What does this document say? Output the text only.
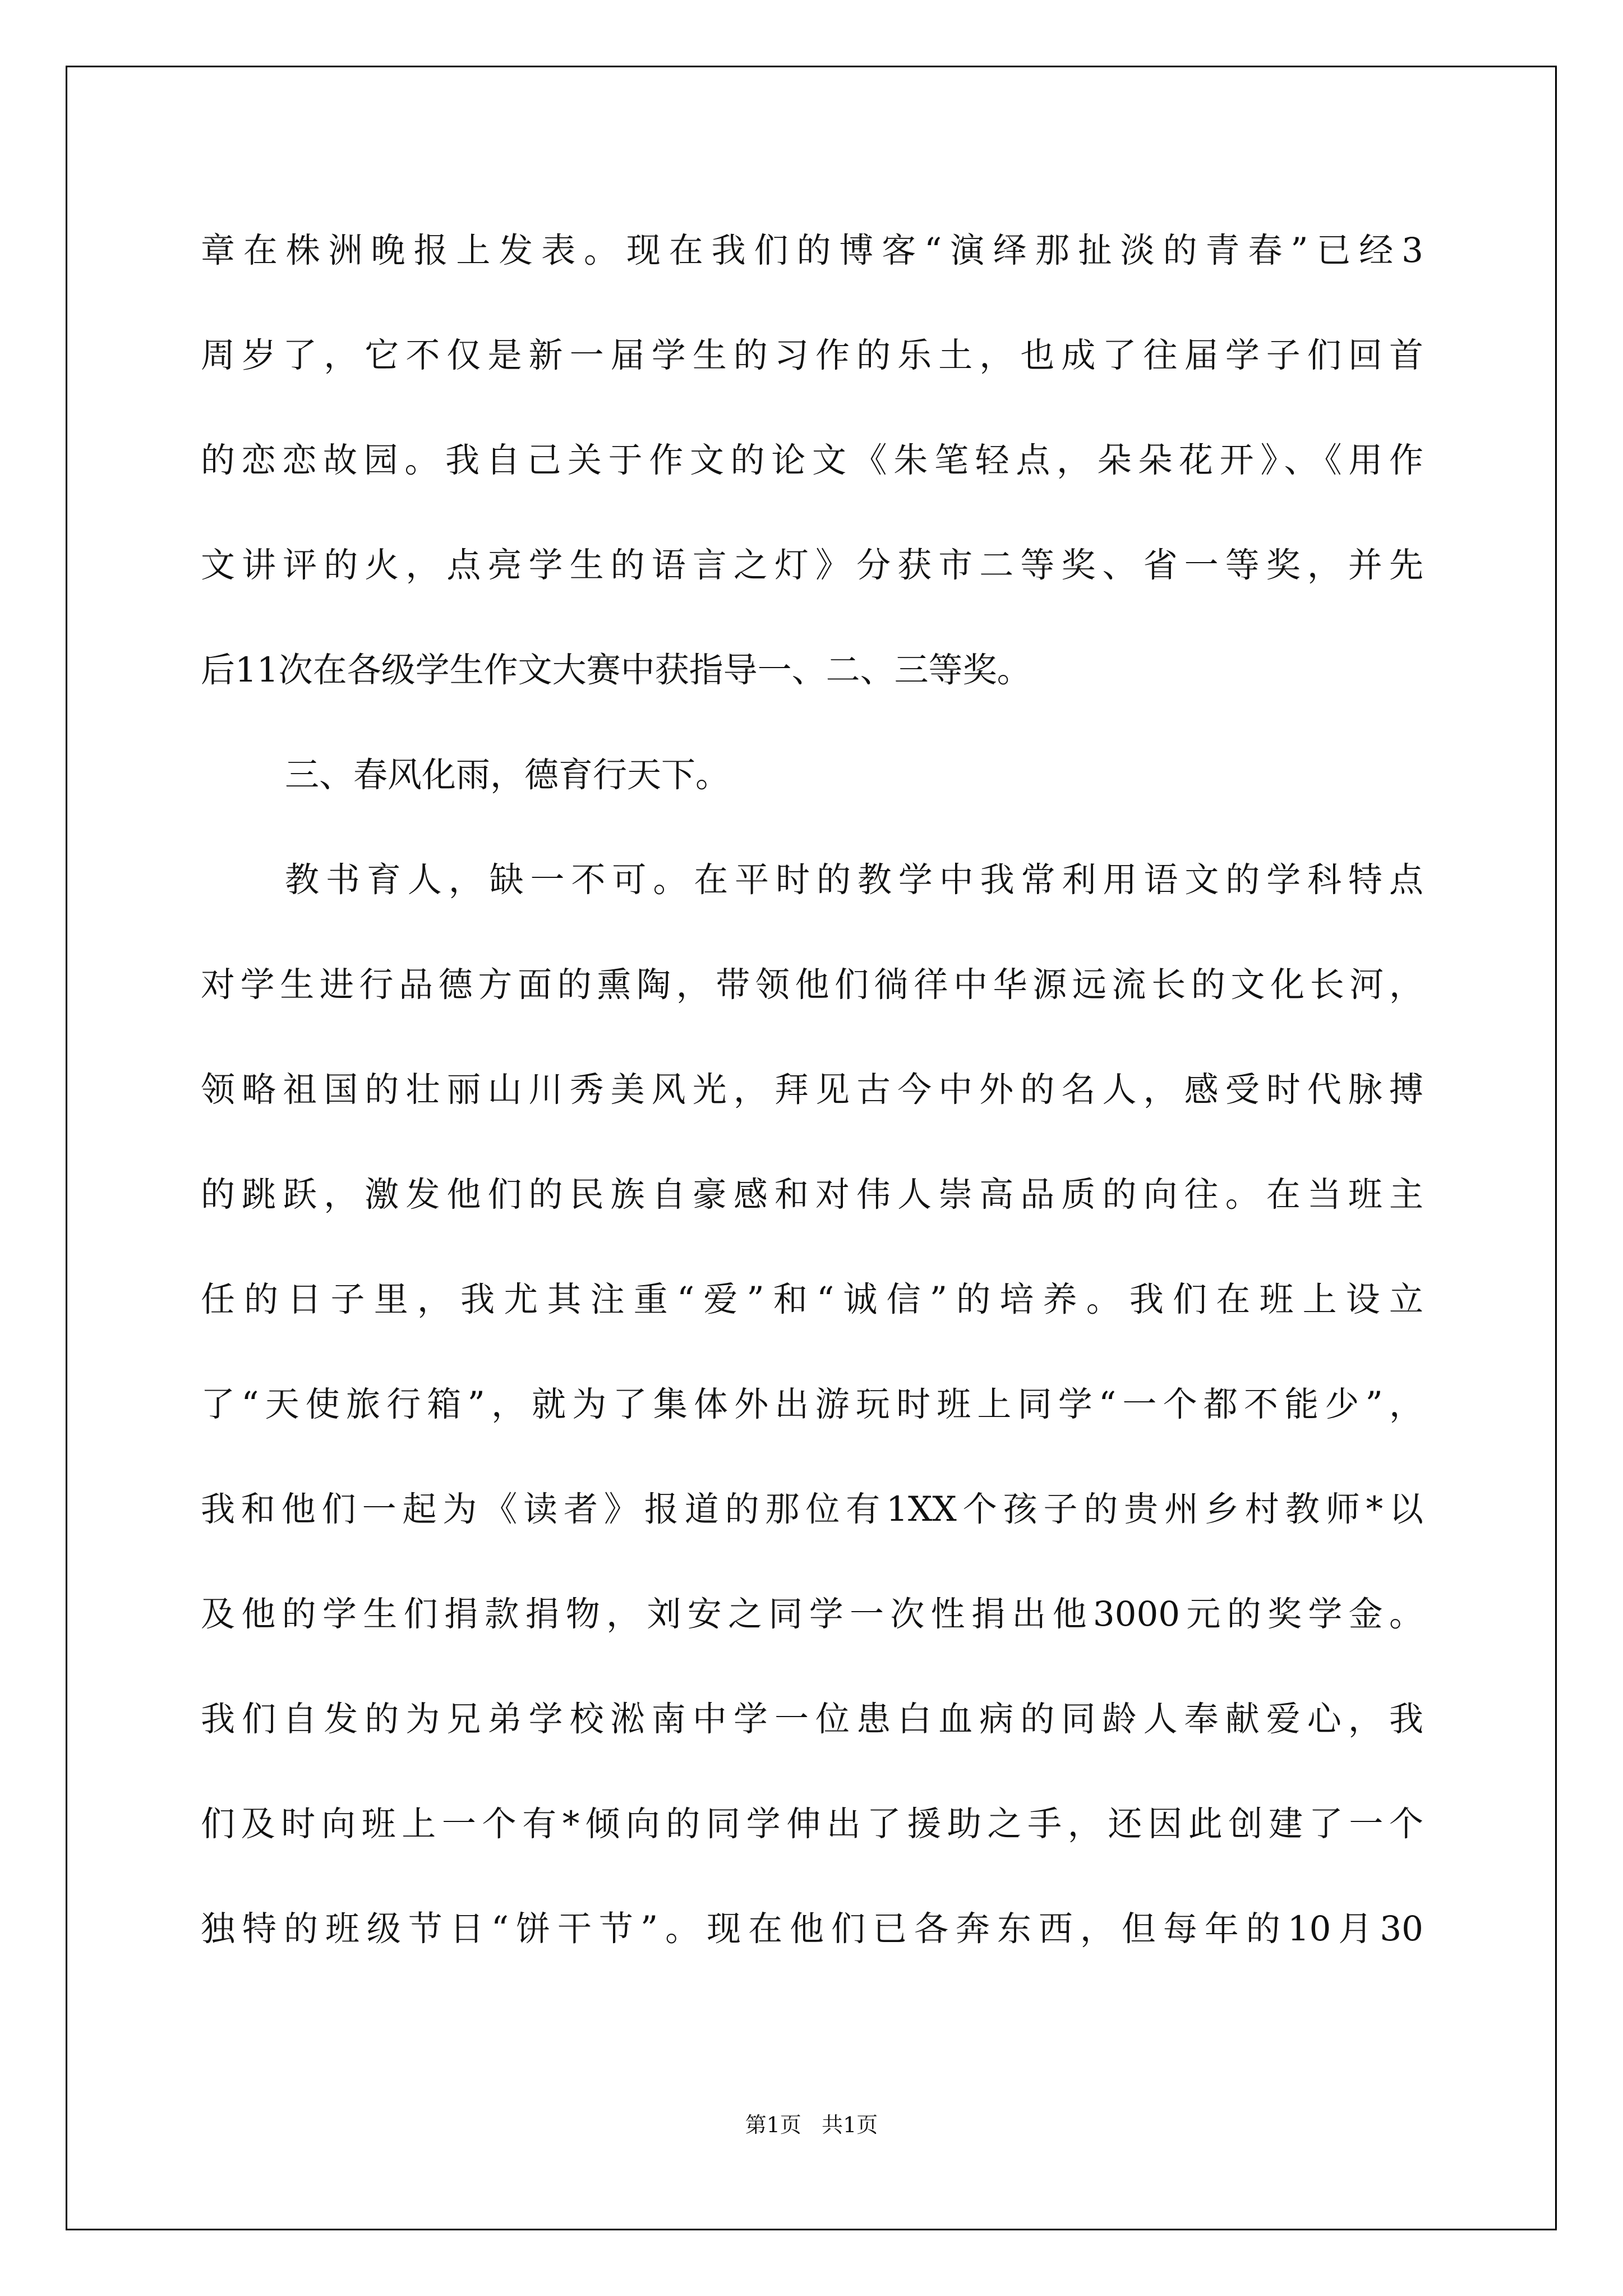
章在株洲晚报上发表。现在我们的博客“演绎那扯淡的青春”已经3
周岁了，它不仅是新一届学生的习作的乐土，也成了往届学子们回首
的恋恋故园。我自己关于作文的论文《朱笔轻点，朵朵花开》、《用作
文讲评的火，点亮学生的语言之灯》分获市二等奖、省一等奖，并先
后11次在各级学生作文大赛中获指导一、二、三等奖。
三、春风化雨，德育行天下。
教书育人，缺一不可。在平时的教学中我常利用语文的学科特点
对学生进行品德方面的熏陶，带领他们徜徉中华源远流长的文化长河，
领略祖国的壮丽山川秀美风光，拜见古今中外的名人，感受时代脉搏
的跳跃，激发他们的民族自豪感和对伟人崇高品质的向往。在当班主
任的日子里，我尤其注重“爱”和“诚信”的培养。我们在班上设立
了“天使旅行箱”，就为了集体外出游玩时班上同学“一个都不能少”，
我和他们一起为《读者》报道的那位有1XX个孩子的贵州乡村教师*以
及他的学生们捐款捐物，刘安之同学一次性捐出他3000元的奖学金。
我们自发的为兄弟学校淞南中学一位患白血病的同龄人奉献爱心，我
们及时向班上一个有*倾向的同学伸出了援助之手，还因此创建了一个
独特的班级节日“饼干节”。现在他们已各奔东西，但每年的10月30
第1页   共1页
